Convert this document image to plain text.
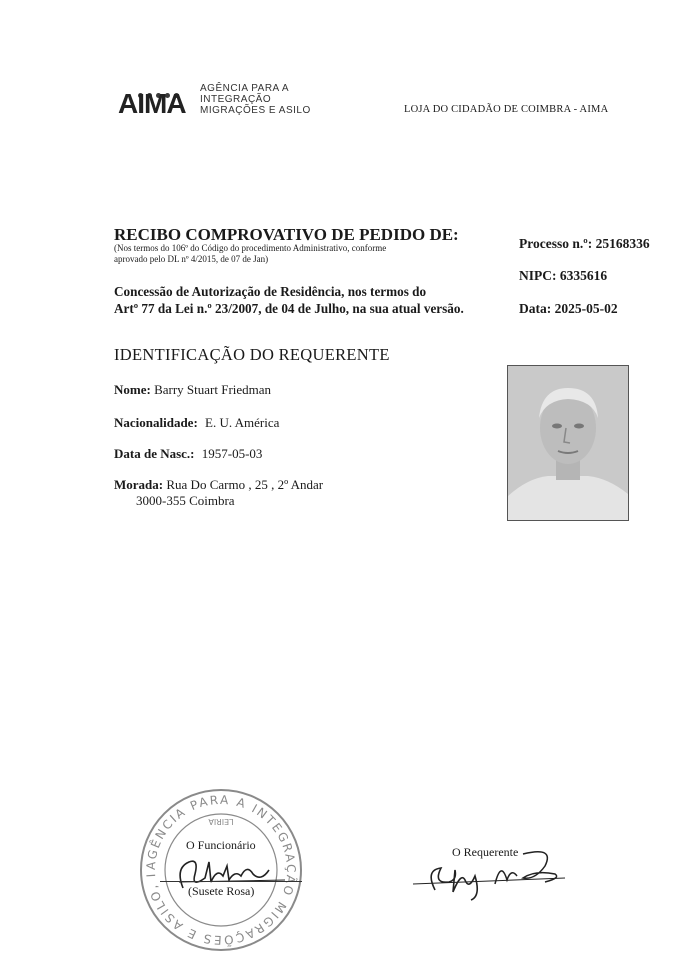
AIMA AGÊNCIA PARA A
INTEGRAÇÃO
MIGRAÇÕES E ASILO	LOJA DO CIDADÃO DE COIMBRA - AIMA
RECIBO COMPROVATIVO DE PEDIDO DE:
(Nos termos do 106º do Código do procedimento Administrativo, conforme
aprovado pelo DL nº 4/2015, de 07 de Jan)
Concessão de Autorização de Residência, nos termos do
Artº 77 da Lei n.º 23/2007, de 04 de Julho, na sua atual versão.
Processo n.º: 25168336
NIPC: 6335616
Data: 2025-05-02
IDENTIFICAÇÃO DO REQUERENTE
Nome: Barry Stuart Friedman
Nacionalidade: E. U. América
Data de Nasc.: 1957-05-03
Morada: Rua Do Carmo , 25 , 2º Andar
3000-355 Coimbra
AGÊNCIA PARA A INTEGRAÇ O MIGRAÇÕES E ASILO, I
LEIRIA
O Funcionário
(Susete Rosa)
O Requerente
